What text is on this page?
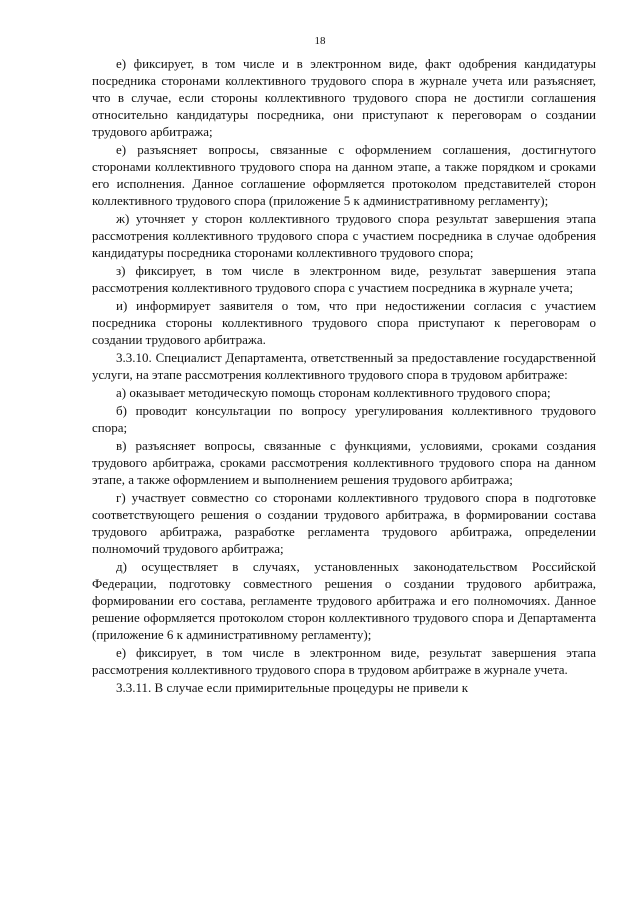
18

е) фиксирует, в том числе и в электронном виде, факт одобрения кандидатуры посредника сторонами коллективного трудового спора в журнале учета или разъясняет, что в случае, если стороны коллективного трудового спора не достигли соглашения относительно кандидатуры посредника, они приступают к переговорам о создании трудового арбитража;

е) разъясняет вопросы, связанные с оформлением соглашения, достигнутого сторонами коллективного трудового спора на данном этапе, а также порядком и сроками его исполнения. Данное соглашение оформляется протоколом представителей сторон коллективного трудового спора (приложение 5 к административному регламенту);

ж) уточняет у сторон коллективного трудового спора результат завершения этапа рассмотрения коллективного трудового спора с участием посредника в случае одобрения кандидатуры посредника сторонами коллективного трудового спора;

з) фиксирует, в том числе в электронном виде, результат завершения этапа рассмотрения коллективного трудового спора с участием посредника в журнале учета;

и) информирует заявителя о том, что при недостижении согласия с участием посредника стороны коллективного трудового спора приступают к переговорам о создании трудового арбитража.

3.3.10. Специалист Департамента, ответственный за предоставление государственной услуги, на этапе рассмотрения коллективного трудового спора в трудовом арбитраже:

а) оказывает методическую помощь сторонам коллективного трудового спора;

б) проводит консультации по вопросу урегулирования коллективного трудового спора;

в) разъясняет вопросы, связанные с функциями, условиями, сроками создания трудового арбитража, сроками рассмотрения коллективного трудового спора на данном этапе, а также оформлением и выполнением решения трудового арбитража;

г) участвует совместно со сторонами коллективного трудового спора в подготовке соответствующего решения о создании трудового арбитража, в формировании состава трудового арбитража, разработке регламента трудового арбитража, определении полномочий трудового арбитража;

д) осуществляет в случаях, установленных законодательством Российской Федерации, подготовку совместного решения о создании трудового арбитража, формировании его состава, регламенте трудового арбитража и его полномочиях. Данное решение оформляется протоколом сторон коллективного трудового спора и Департамента (приложение 6 к административному регламенту);

е) фиксирует, в том числе в электронном виде, результат завершения этапа рассмотрения коллективного трудового спора в трудовом арбитраже в журнале учета.

3.3.11. В случае если примирительные процедуры не привели к
